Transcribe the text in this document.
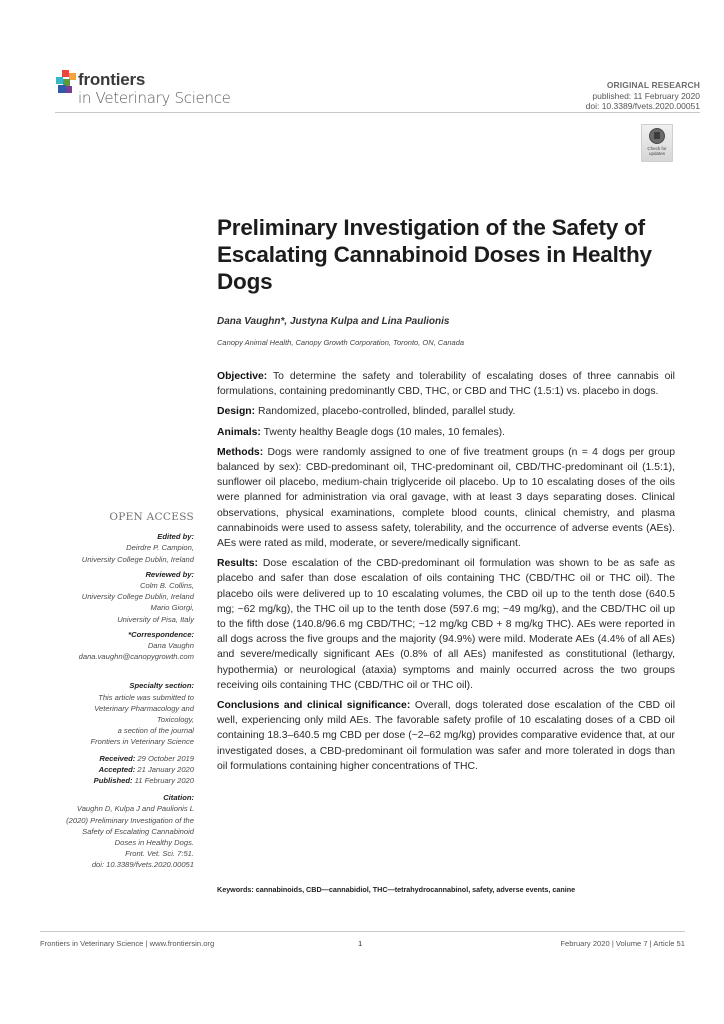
frontiers
in Veterinary Science
ORIGINAL RESEARCH
published: 11 February 2020
doi: 10.3389/fvets.2020.00051
Check for updates
Preliminary Investigation of the Safety of Escalating Cannabinoid Doses in Healthy Dogs
Dana Vaughn*, Justyna Kulpa and Lina Paulionis
Canopy Animal Health, Canopy Growth Corporation, Toronto, ON, Canada

Objective: To determine the safety and tolerability of escalating doses of three cannabis oil formulations, containing predominantly CBD, THC, or CBD and THC (1.5:1) vs. placebo in dogs.

Design: Randomized, placebo-controlled, blinded, parallel study.

Animals: Twenty healthy Beagle dogs (10 males, 10 females).

Methods: Dogs were randomly assigned to one of five treatment groups (n = 4 dogs per group balanced by sex): CBD-predominant oil, THC-predominant oil, CBD/THC-predominant oil (1.5:1), sunflower oil placebo, medium-chain triglyceride oil placebo. Up to 10 escalating doses of the oils were planned for administration via oral gavage, with at least 3 days separating doses. Clinical observations, physical examinations, complete blood counts, clinical chemistry, and plasma cannabinoids were used to assess safety, tolerability, and the occurrence of adverse events (AEs). AEs were rated as mild, moderate, or severe/medically significant.

Results: Dose escalation of the CBD-predominant oil formulation was shown to be as safe as placebo and safer than dose escalation of oils containing THC (CBD/THC oil or THC oil). The placebo oils were delivered up to 10 escalating volumes, the CBD oil up to the tenth dose (640.5 mg; ~62 mg/kg), the THC oil up to the tenth dose (597.6 mg; ~49 mg/kg), and the CBD/THC oil up to the fifth dose (140.8/96.6 mg CBD/THC; ~12 mg/kg CBD + 8 mg/kg THC). AEs were reported in all dogs across the five groups and the majority (94.9%) were mild. Moderate AEs (4.4% of all AEs) and severe/medically significant AEs (0.8% of all AEs) manifested as constitutional (lethargy, hypothermia) or neurological (ataxia) symptoms and mainly occurred across the two groups receiving oils containing THC (CBD/THC oil or THC oil).

Conclusions and clinical significance: Overall, dogs tolerated dose escalation of the CBD oil well, experiencing only mild AEs. The favorable safety profile of 10 escalating doses of a CBD oil containing 18.3–640.5 mg CBD per dose (~2–62 mg/kg) provides comparative evidence that, at our investigated doses, a CBD-predominant oil formulation was safer and more tolerated in dogs than oil formulations containing higher concentrations of THC.

Keywords: cannabinoids, CBD—cannabidiol, THC—tetrahydrocannabinol, safety, adverse events, canine
OPEN ACCESS
Edited by:
Deirdre P. Campion,
University College Dublin, Ireland
Reviewed by:
Colm B. Collins,
University College Dublin, Ireland
Mario Giorgi,
University of Pisa, Italy
*Correspondence:
Dana Vaughn
dana.vaughn@canopygrowth.com
Specialty section:
This article was submitted to
Veterinary Pharmacology and
Toxicology,
a section of the journal
Frontiers in Veterinary Science
Received: 29 October 2019
Accepted: 21 January 2020
Published: 11 February 2020
Citation:
Vaughn D, Kulpa J and Paulionis L
(2020) Preliminary Investigation of the
Safety of Escalating Cannabinoid
Doses in Healthy Dogs.
Front. Vet. Sci. 7:51.
doi: 10.3389/fvets.2020.00051
Frontiers in Veterinary Science | www.frontiersin.org	1	February 2020 | Volume 7 | Article 51
